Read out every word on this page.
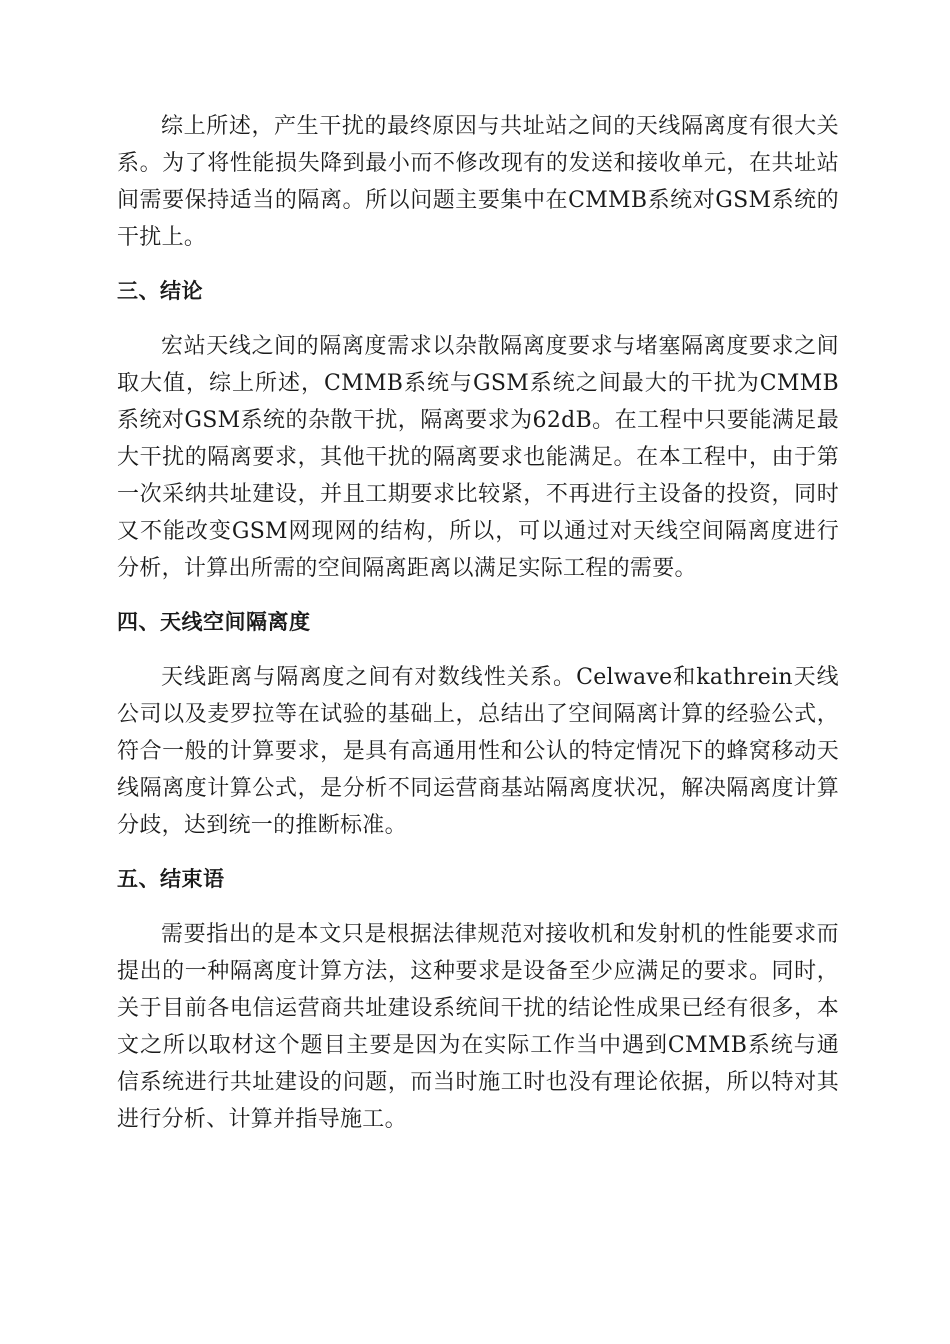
综上所述，产生干扰的最终原因与共址站之间的天线隔离度有很大关系。为了将性能损失降到最小而不修改现有的发送和接收单元，在共址站间需要保持适当的隔离。所以问题主要集中在CMMB系统对GSM系统的干扰上。

三、结论

宏站天线之间的隔离度需求以杂散隔离度要求与堵塞隔离度要求之间取大值，综上所述，CMMB系统与GSM系统之间最大的干扰为CMMB系统对GSM系统的杂散干扰，隔离要求为62dB。在工程中只要能满足最大干扰的隔离要求，其他干扰的隔离要求也能满足。在本工程中，由于第一次采纳共址建设，并且工期要求比较紧，不再进行主设备的投资，同时又不能改变GSM网现网的结构，所以，可以通过对天线空间隔离度进行分析，计算出所需的空间隔离距离以满足实际工程的需要。

四、天线空间隔离度

天线距离与隔离度之间有对数线性关系。Celwave和kathrein天线公司以及麦罗拉等在试验的基础上，总结出了空间隔离计算的经验公式，符合一般的计算要求，是具有高通用性和公认的特定情况下的蜂窝移动天线隔离度计算公式，是分析不同运营商基站隔离度状况，解决隔离度计算分歧，达到统一的推断标准。

五、结束语

需要指出的是本文只是根据法律规范对接收机和发射机的性能要求而提出的一种隔离度计算方法，这种要求是设备至少应满足的要求。同时，关于目前各电信运营商共址建设系统间干扰的结论性成果已经有很多，本文之所以取材这个题目主要是因为在实际工作当中遇到CMMB系统与通信系统进行共址建设的问题，而当时施工时也没有理论依据，所以特对其进行分析、计算并指导施工。
